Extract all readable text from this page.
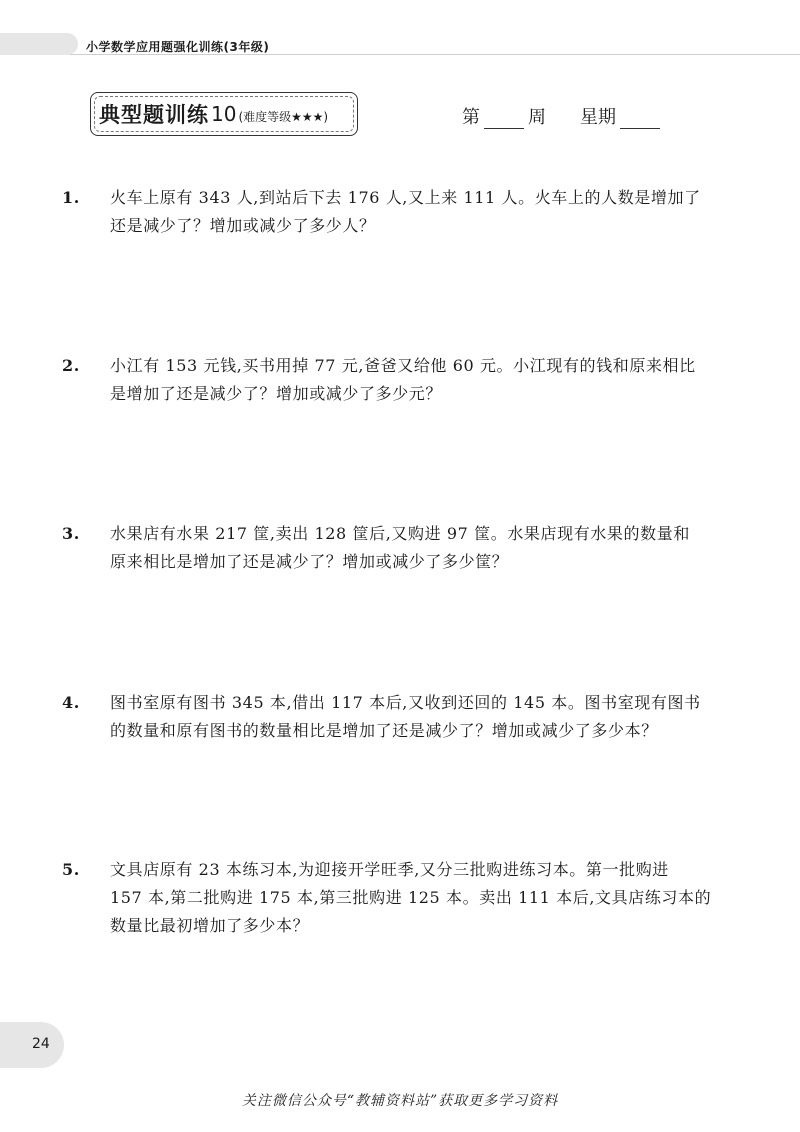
小学数学应用题强化训练(3年级)
典型题训练 10 (难度等级★★★)	第	周 星期
1. 火车上原有 343 人,到站后下去 176 人,又上来 111 人。火车上的人数是增加了
还是减少了？增加或减少了多少人？
2. 小江有 153 元钱,买书用掉 77 元,爸爸又给他 60 元。小江现有的钱和原来相比
是增加了还是减少了？增加或减少了多少元？
3. 水果店有水果 217 筐,卖出 128 筐后,又购进 97 筐。水果店现有水果的数量和
原来相比是增加了还是减少了？增加或减少了多少筐？
4. 图书室原有图书 345 本,借出 117 本后,又收到还回的 145 本。图书室现有图书
的数量和原有图书的数量相比是增加了还是减少了？增加或减少了多少本？
5. 文具店原有 23 本练习本,为迎接开学旺季,又分三批购进练习本。第一批购进
157 本,第二批购进 175 本,第三批购进 125 本。卖出 111 本后,文具店练习本的
数量比最初增加了多少本？
24
关注微信公众号“教辅资料站”获取更多学习资料
